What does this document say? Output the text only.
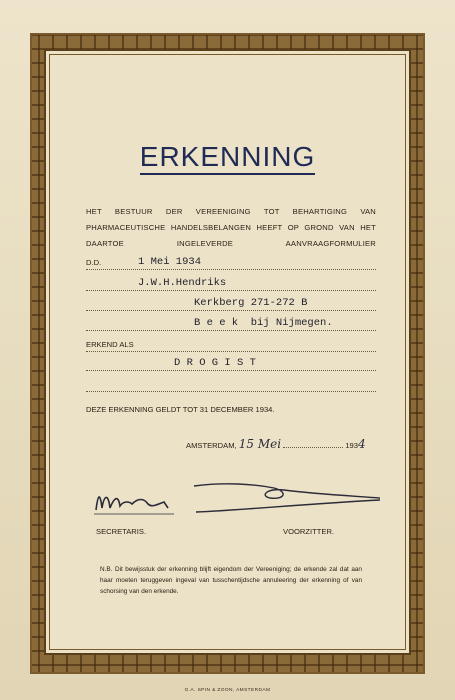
ERKENNING
HET BESTUUR DER VEREENIGING TOT BEHARTIGING VAN PHARMACEUTISCHE HANDELSBELANGEN HEEFT OP GROND VAN HET DAARTOE INGELEVERDE AANVRAAGFORMULIER
D.D.	1 Mei 1934
J.W.H.Hendriks
Kerkberg 271-272 B
B e e k  bij Nijmegen.
ERKEND ALS
D R O G I S T
DEZE ERKENNING GELDT TOT 31 DECEMBER 1934.
AMSTERDAM, 15 Mei	1934
SECRETARIS.	VOORZITTER.
N.B. Dit bewijsstuk der erkenning blijft eigendom der Vereeniging; de erkende zal dat aan haar moeten teruggeven ingeval van tusschentijdsche annuleering der erkenning of van schorsing van den erkende.
G.A. SPIN & ZOON, AMSTERDAM
